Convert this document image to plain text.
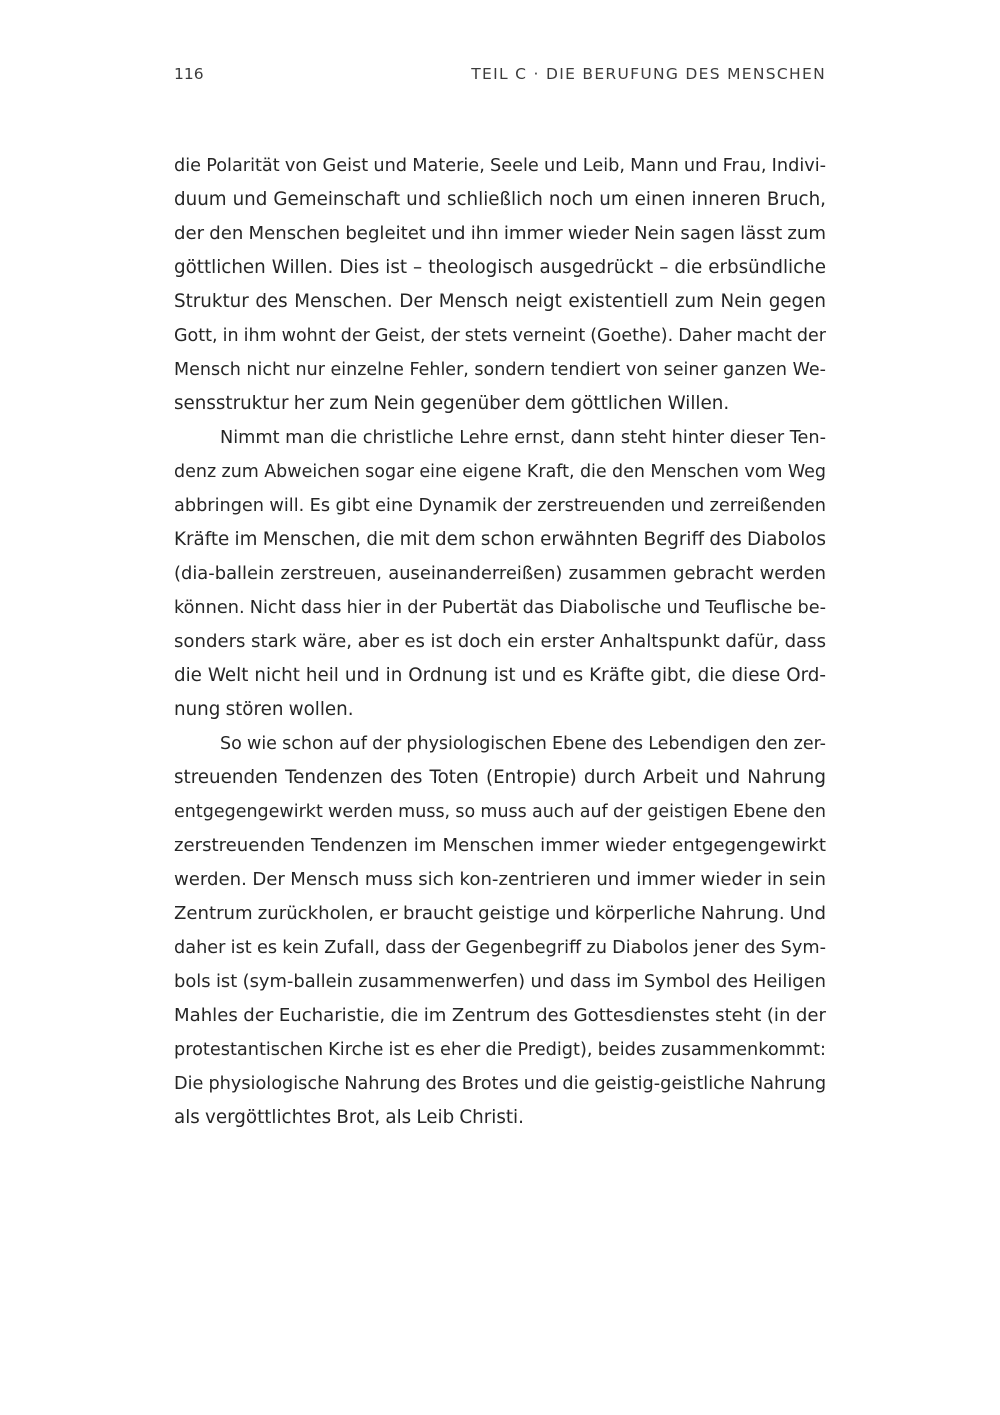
116	TEIL C · DIE BERUFUNG DES MENSCHEN
die Polarität von Geist und Materie, Seele und Leib, Mann und Frau, Indivi-
duum und Gemeinschaft und schließlich noch um einen inneren Bruch,
der den Menschen begleitet und ihn immer wieder Nein sagen lässt zum
göttlichen Willen. Dies ist – theologisch ausgedrückt – die erbsündliche
Struktur des Menschen. Der Mensch neigt existentiell zum Nein gegen
Gott, in ihm wohnt der Geist, der stets verneint (Goethe). Daher macht der
Mensch nicht nur einzelne Fehler, sondern tendiert von seiner ganzen We-
sensstruktur her zum Nein gegenüber dem göttlichen Willen.
Nimmt man die christliche Lehre ernst, dann steht hinter dieser Ten-
denz zum Abweichen sogar eine eigene Kraft, die den Menschen vom Weg
abbringen will. Es gibt eine Dynamik der zerstreuenden und zerreißenden
Kräfte im Menschen, die mit dem schon erwähnten Begriff des Diabolos
(dia-ballein zerstreuen, auseinanderreißen) zusammen gebracht werden
können. Nicht dass hier in der Pubertät das Diabolische und Teuflische be-
sonders stark wäre, aber es ist doch ein erster Anhaltspunkt dafür, dass
die Welt nicht heil und in Ordnung ist und es Kräfte gibt, die diese Ord-
nung stören wollen.
So wie schon auf der physiologischen Ebene des Lebendigen den zer-
streuenden Tendenzen des Toten (Entropie) durch Arbeit und Nahrung
entgegengewirkt werden muss, so muss auch auf der geistigen Ebene den
zerstreuenden Tendenzen im Menschen immer wieder entgegengewirkt
werden. Der Mensch muss sich kon-zentrieren und immer wieder in sein
Zentrum zurückholen, er braucht geistige und körperliche Nahrung. Und
daher ist es kein Zufall, dass der Gegenbegriff zu Diabolos jener des Sym-
bols ist (sym-ballein zusammenwerfen) und dass im Symbol des Heiligen
Mahles der Eucharistie, die im Zentrum des Gottesdienstes steht (in der
protestantischen Kirche ist es eher die Predigt), beides zusammenkommt:
Die physiologische Nahrung des Brotes und die geistig-geistliche Nahrung
als vergöttlichtes Brot, als Leib Christi.
